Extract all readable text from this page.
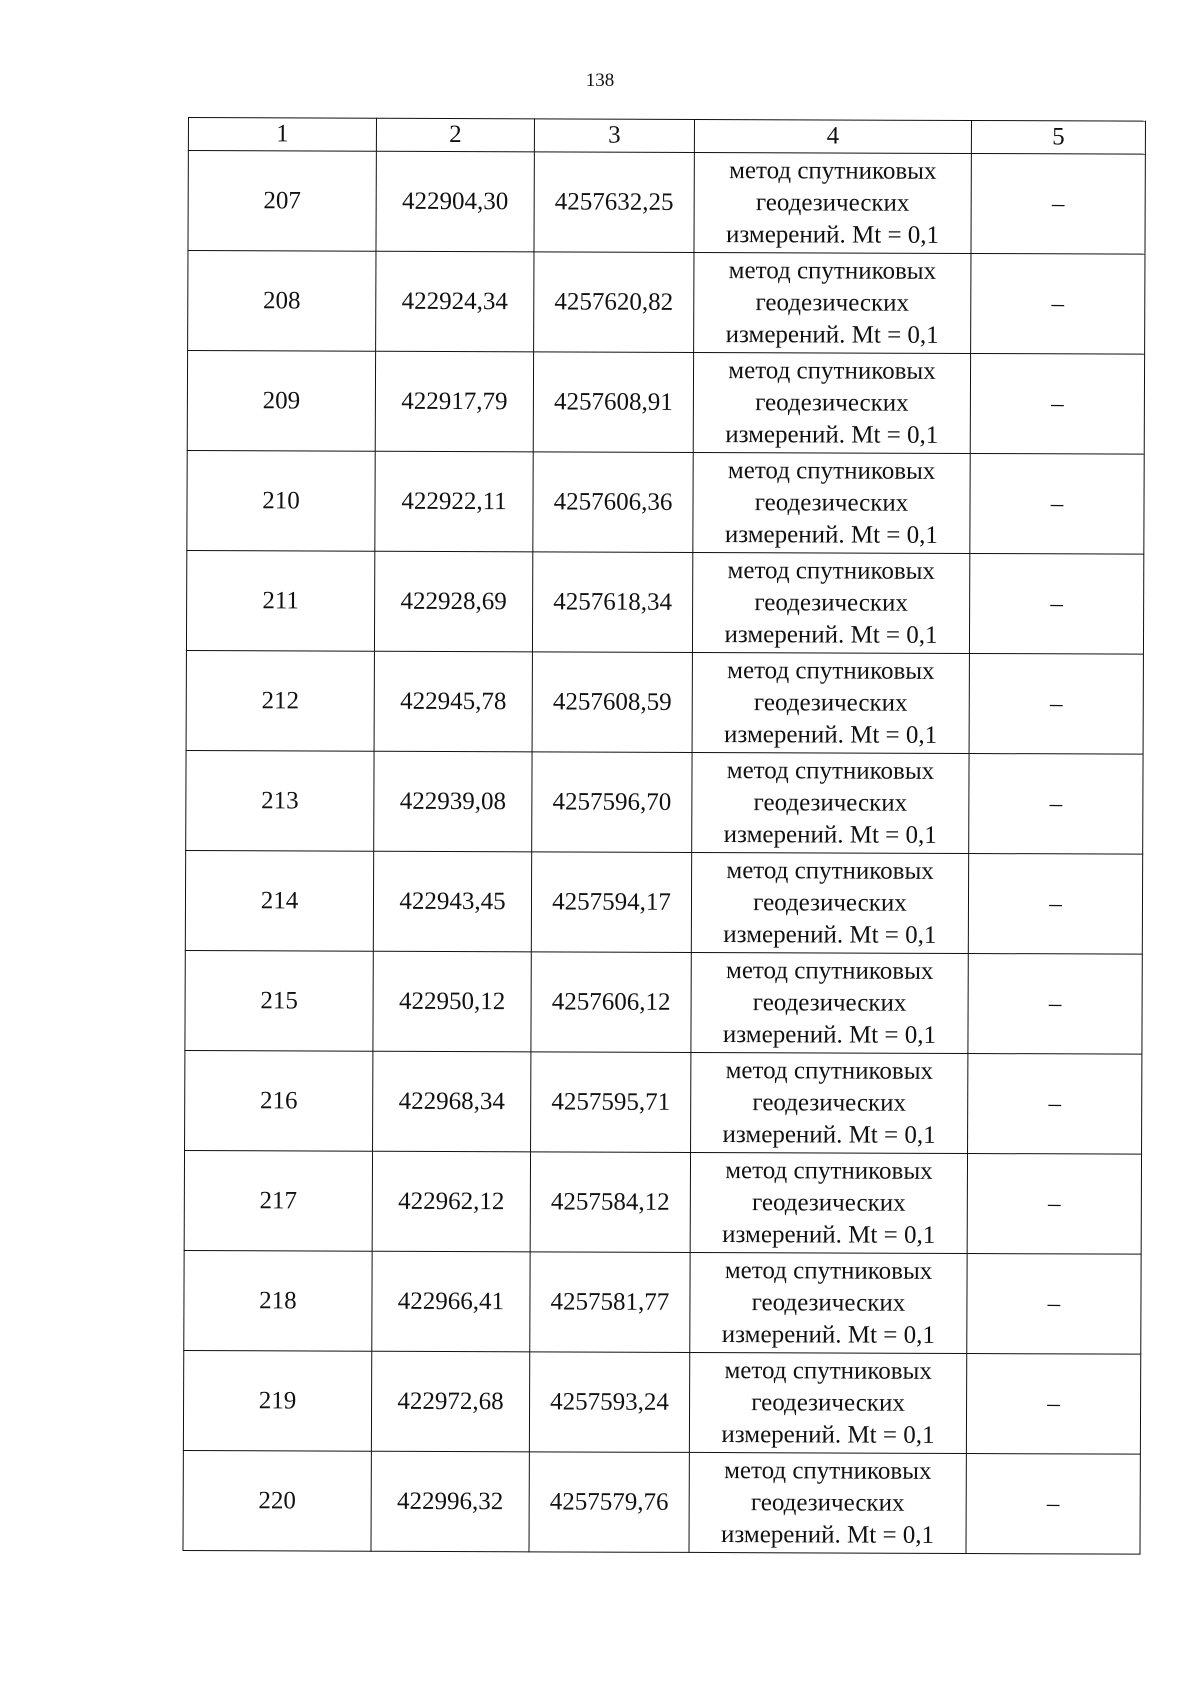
138
1	2	3	4	5
207	422904,30	4257632,25	метод спутниковых
геодезических
измерений. Mt = 0,1	–
208	422924,34	4257620,82	метод спутниковых
геодезических
измерений. Mt = 0,1	–
209	422917,79	4257608,91	метод спутниковых
геодезических
измерений. Mt = 0,1	–
210	422922,11	4257606,36	метод спутниковых
геодезических
измерений. Mt = 0,1	–
211	422928,69	4257618,34	метод спутниковых
геодезических
измерений. Mt = 0,1	–
212	422945,78	4257608,59	метод спутниковых
геодезических
измерений. Mt = 0,1	–
213	422939,08	4257596,70	метод спутниковых
геодезических
измерений. Mt = 0,1	–
214	422943,45	4257594,17	метод спутниковых
геодезических
измерений. Mt = 0,1	–
215	422950,12	4257606,12	метод спутниковых
геодезических
измерений. Mt = 0,1	–
216	422968,34	4257595,71	метод спутниковых
геодезических
измерений. Mt = 0,1	–
217	422962,12	4257584,12	метод спутниковых
геодезических
измерений. Mt = 0,1	–
218	422966,41	4257581,77	метод спутниковых
геодезических
измерений. Mt = 0,1	–
219	422972,68	4257593,24	метод спутниковых
геодезических
измерений. Mt = 0,1	–
220	422996,32	4257579,76	метод спутниковых
геодезических
измерений. Mt = 0,1	–
